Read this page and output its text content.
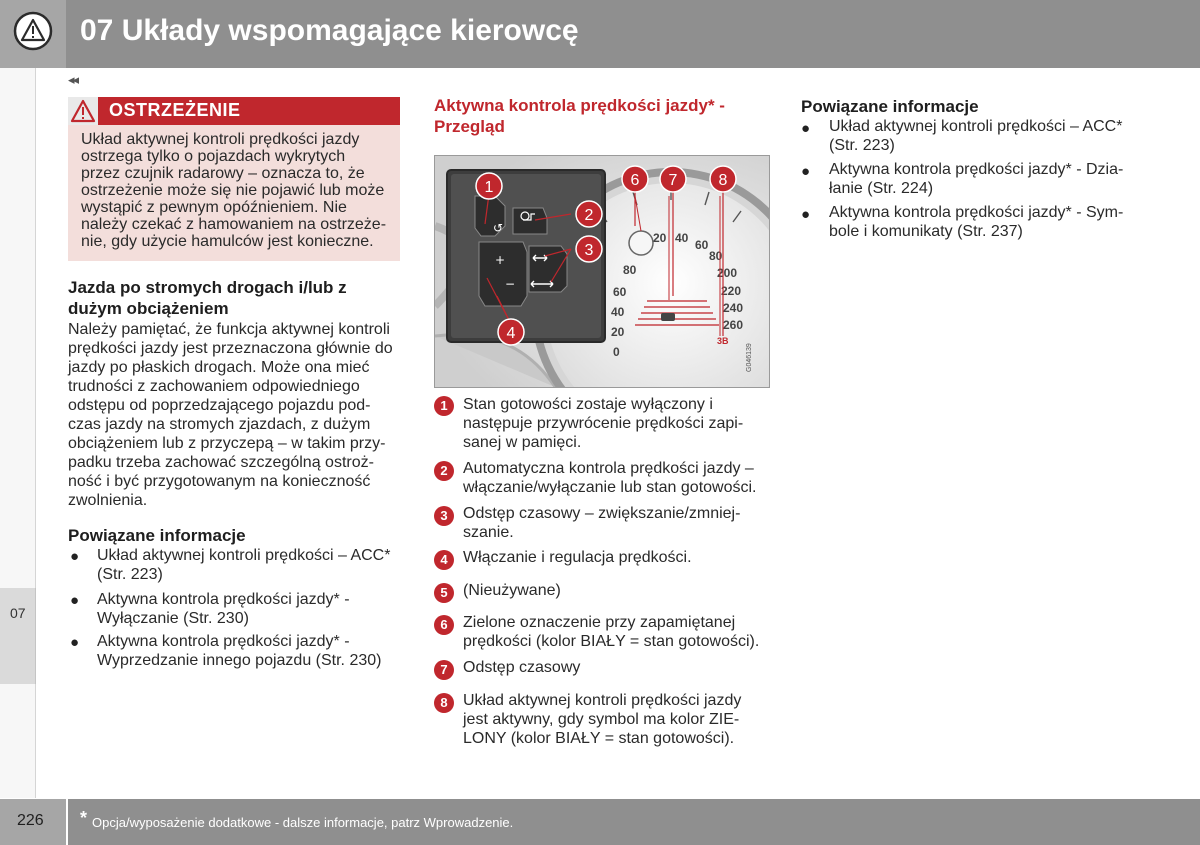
07 Układy wspomagające kierowcę
07
◂◂
OSTRZEŻENIE
Układ aktywnej kontroli prędkości jazdy
ostrzega tylko o pojazdach wykrytych
przez czujnik radarowy – oznacza to, że
ostrzeżenie może się nie pojawić lub może
wystąpić z pewnym opóźnieniem. Nie
należy czekać z hamowaniem na ostrzeże-
nie, gdy użycie hamulców jest konieczne.
Jazda po stromych drogach i/lub z
dużym obciążeniem
Należy pamiętać, że funkcja aktywnej kontroli
prędkości jazdy jest przeznaczona głównie do
jazdy po płaskich drogach. Może ona mieć
trudności z zachowaniem odpowiedniego
odstępu od poprzedzającego pojazdu pod-
czas jazdy na stromych zjazdach, z dużym
obciążeniem lub z przyczepą – w takim przy-
padku trzeba zachować szczególną ostroż-
ność i być przygotowanym na konieczność
zwolnienia.
Powiązane informacje
● Układ aktywnej kontroli prędkości – ACC*
(Str. 223)
● Aktywna kontrola prędkości jazdy* -
Wyłączanie (Str. 230)
● Aktywna kontrola prędkości jazdy* -
Wyprzedzanie innego pojazdu (Str. 230)
Aktywna kontrola prędkości jazdy* -
Przegląd
80
60
40
20
0
20 40 60
80
200
220
240
260
3B
G046139
↺
+
−
1
2
3
4
6 7	8
1 Stan gotowości zostaje wyłączony i
następuje przywrócenie prędkości zapi-
sanej w pamięci.
2 Automatyczna kontrola prędkości jazdy –
włączanie/wyłączanie lub stan gotowości.
3 Odstęp czasowy – zwiększanie/zmniej-
szanie.
4 Włączanie i regulacja prędkości.
5 (Nieużywane)
6 Zielone oznaczenie przy zapamiętanej
prędkości (kolor BIAŁY = stan gotowości).
7 Odstęp czasowy
8 Układ aktywnej kontroli prędkości jazdy
jest aktywny, gdy symbol ma kolor ZIE-
LONY (kolor BIAŁY = stan gotowości).
Powiązane informacje
● Układ aktywnej kontroli prędkości – ACC*
(Str. 223)
● Aktywna kontrola prędkości jazdy* - Dzia-
łanie (Str. 224)
● Aktywna kontrola prędkości jazdy* - Sym-
bole i komunikaty (Str. 237)
226 * Opcja/wyposażenie dodatkowe - dalsze informacje, patrz Wprowadzenie.
